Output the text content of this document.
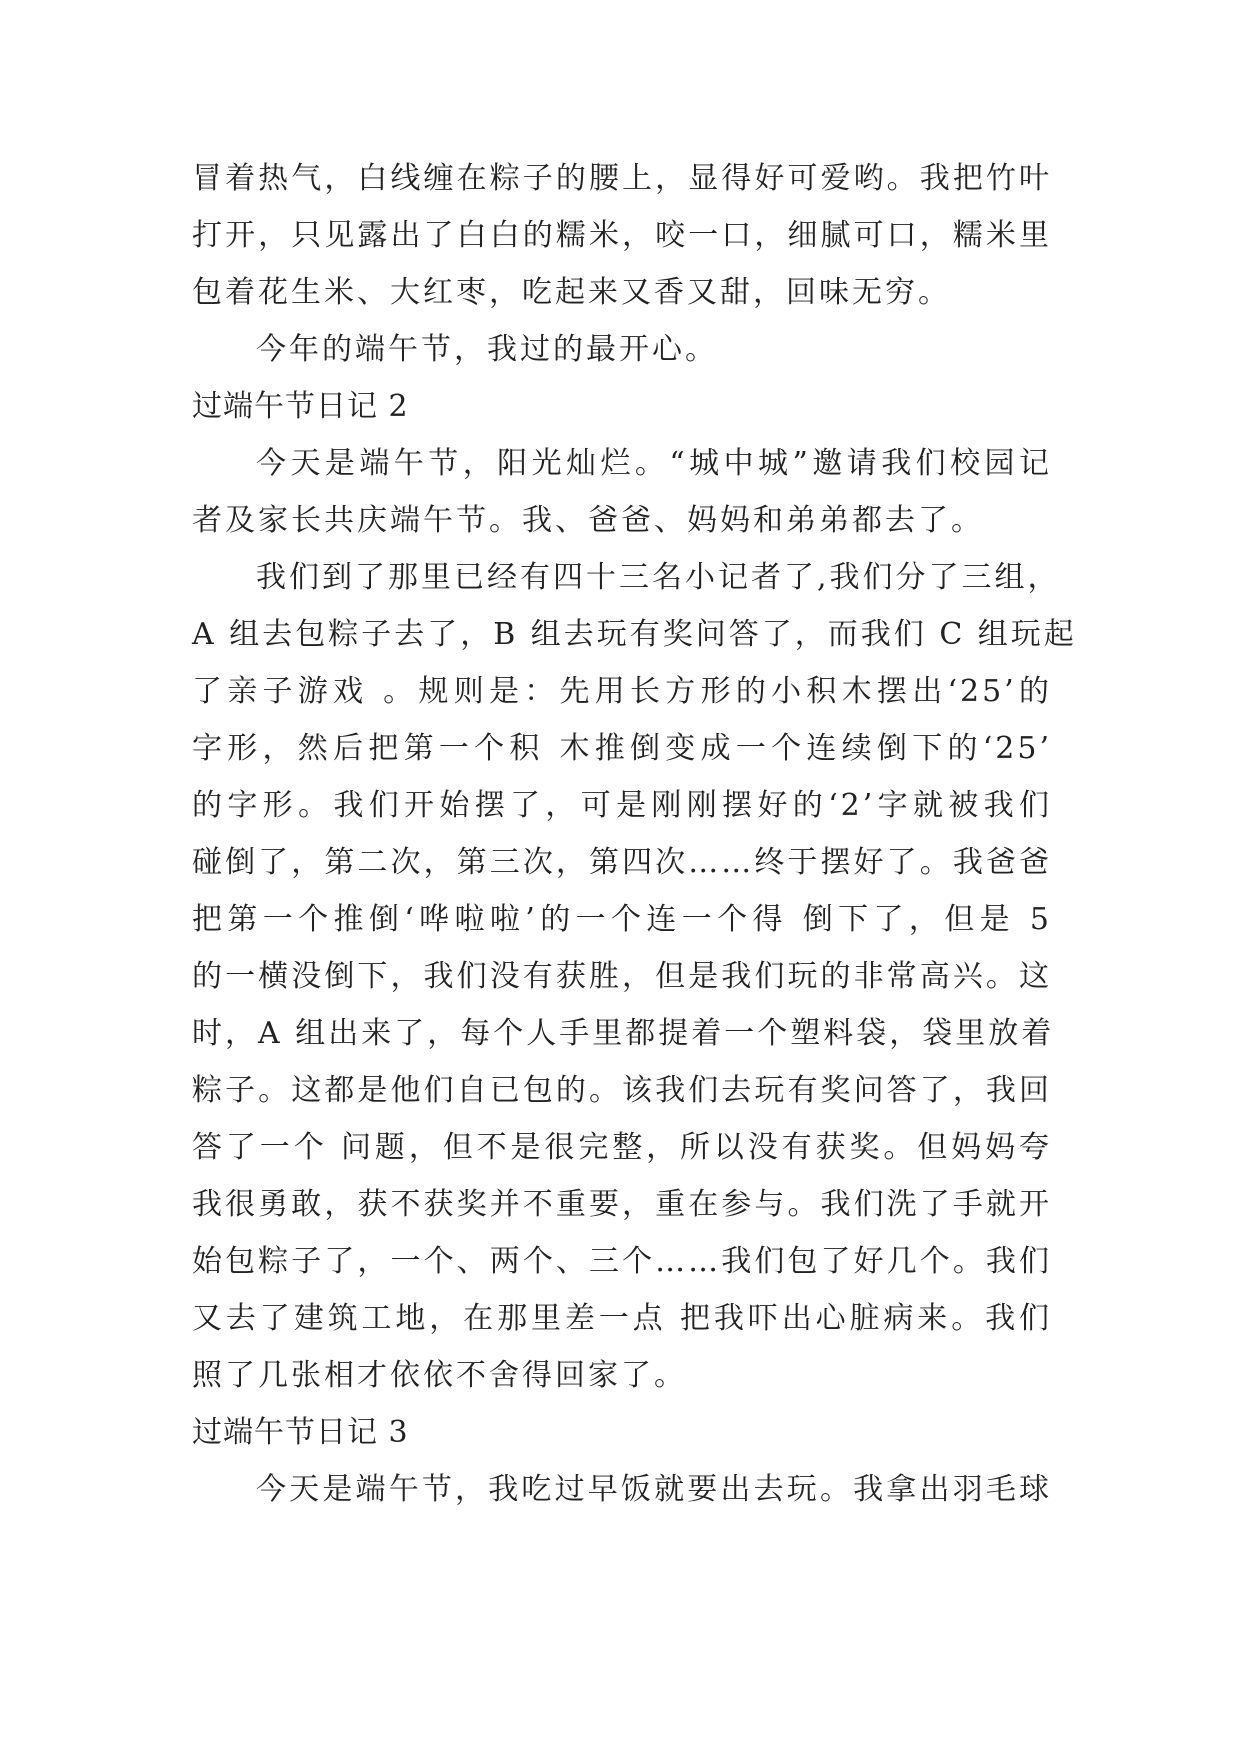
冒着热气，白线缠在粽子的腰上，显得好可爱哟。我把竹叶
打开，只见露出了白白的糯米，咬一口，细腻可口，糯米里
包着花生米、大红枣，吃起来又香又甜，回味无穷。
今年的端午节，我过的最开心。
过端午节日记 2
今天是端午节，阳光灿烂。“城中城”邀请我们校园记
者及家长共庆端午节。我、爸爸、妈妈和弟弟都去了。
我们到了那里已经有四十三名小记者了,我们分了三组，
A 组去包粽子去了，B 组去玩有奖问答了，而我们 C 组玩起
了亲子游戏 。规则是：先用长方形的小积木摆出‘25’的
字形，然后把第一个积 木推倒变成一个连续倒下的‘25’
的字形。我们开始摆了，可是刚刚摆好的‘2’字就被我们
碰倒了，第二次，第三次，第四次……终于摆好了。我爸爸
把第一个推倒‘哗啦啦’的一个连一个得 倒下了，但是 5
的一横没倒下，我们没有获胜，但是我们玩的非常高兴。这
时，A 组出来了，每个人手里都提着一个塑料袋，袋里放着
粽子。这都是他们自已包的。该我们去玩有奖问答了，我回
答了一个 问题，但不是很完整，所以没有获奖。但妈妈夸
我很勇敢，获不获奖并不重要，重在参与。我们洗了手就开
始包粽子了，一个、两个、三个……我们包了好几个。我们
又去了建筑工地，在那里差一点 把我吓出心脏病来。我们
照了几张相才依依不舍得回家了。
过端午节日记 3
今天是端午节，我吃过早饭就要出去玩。我拿出羽毛球
